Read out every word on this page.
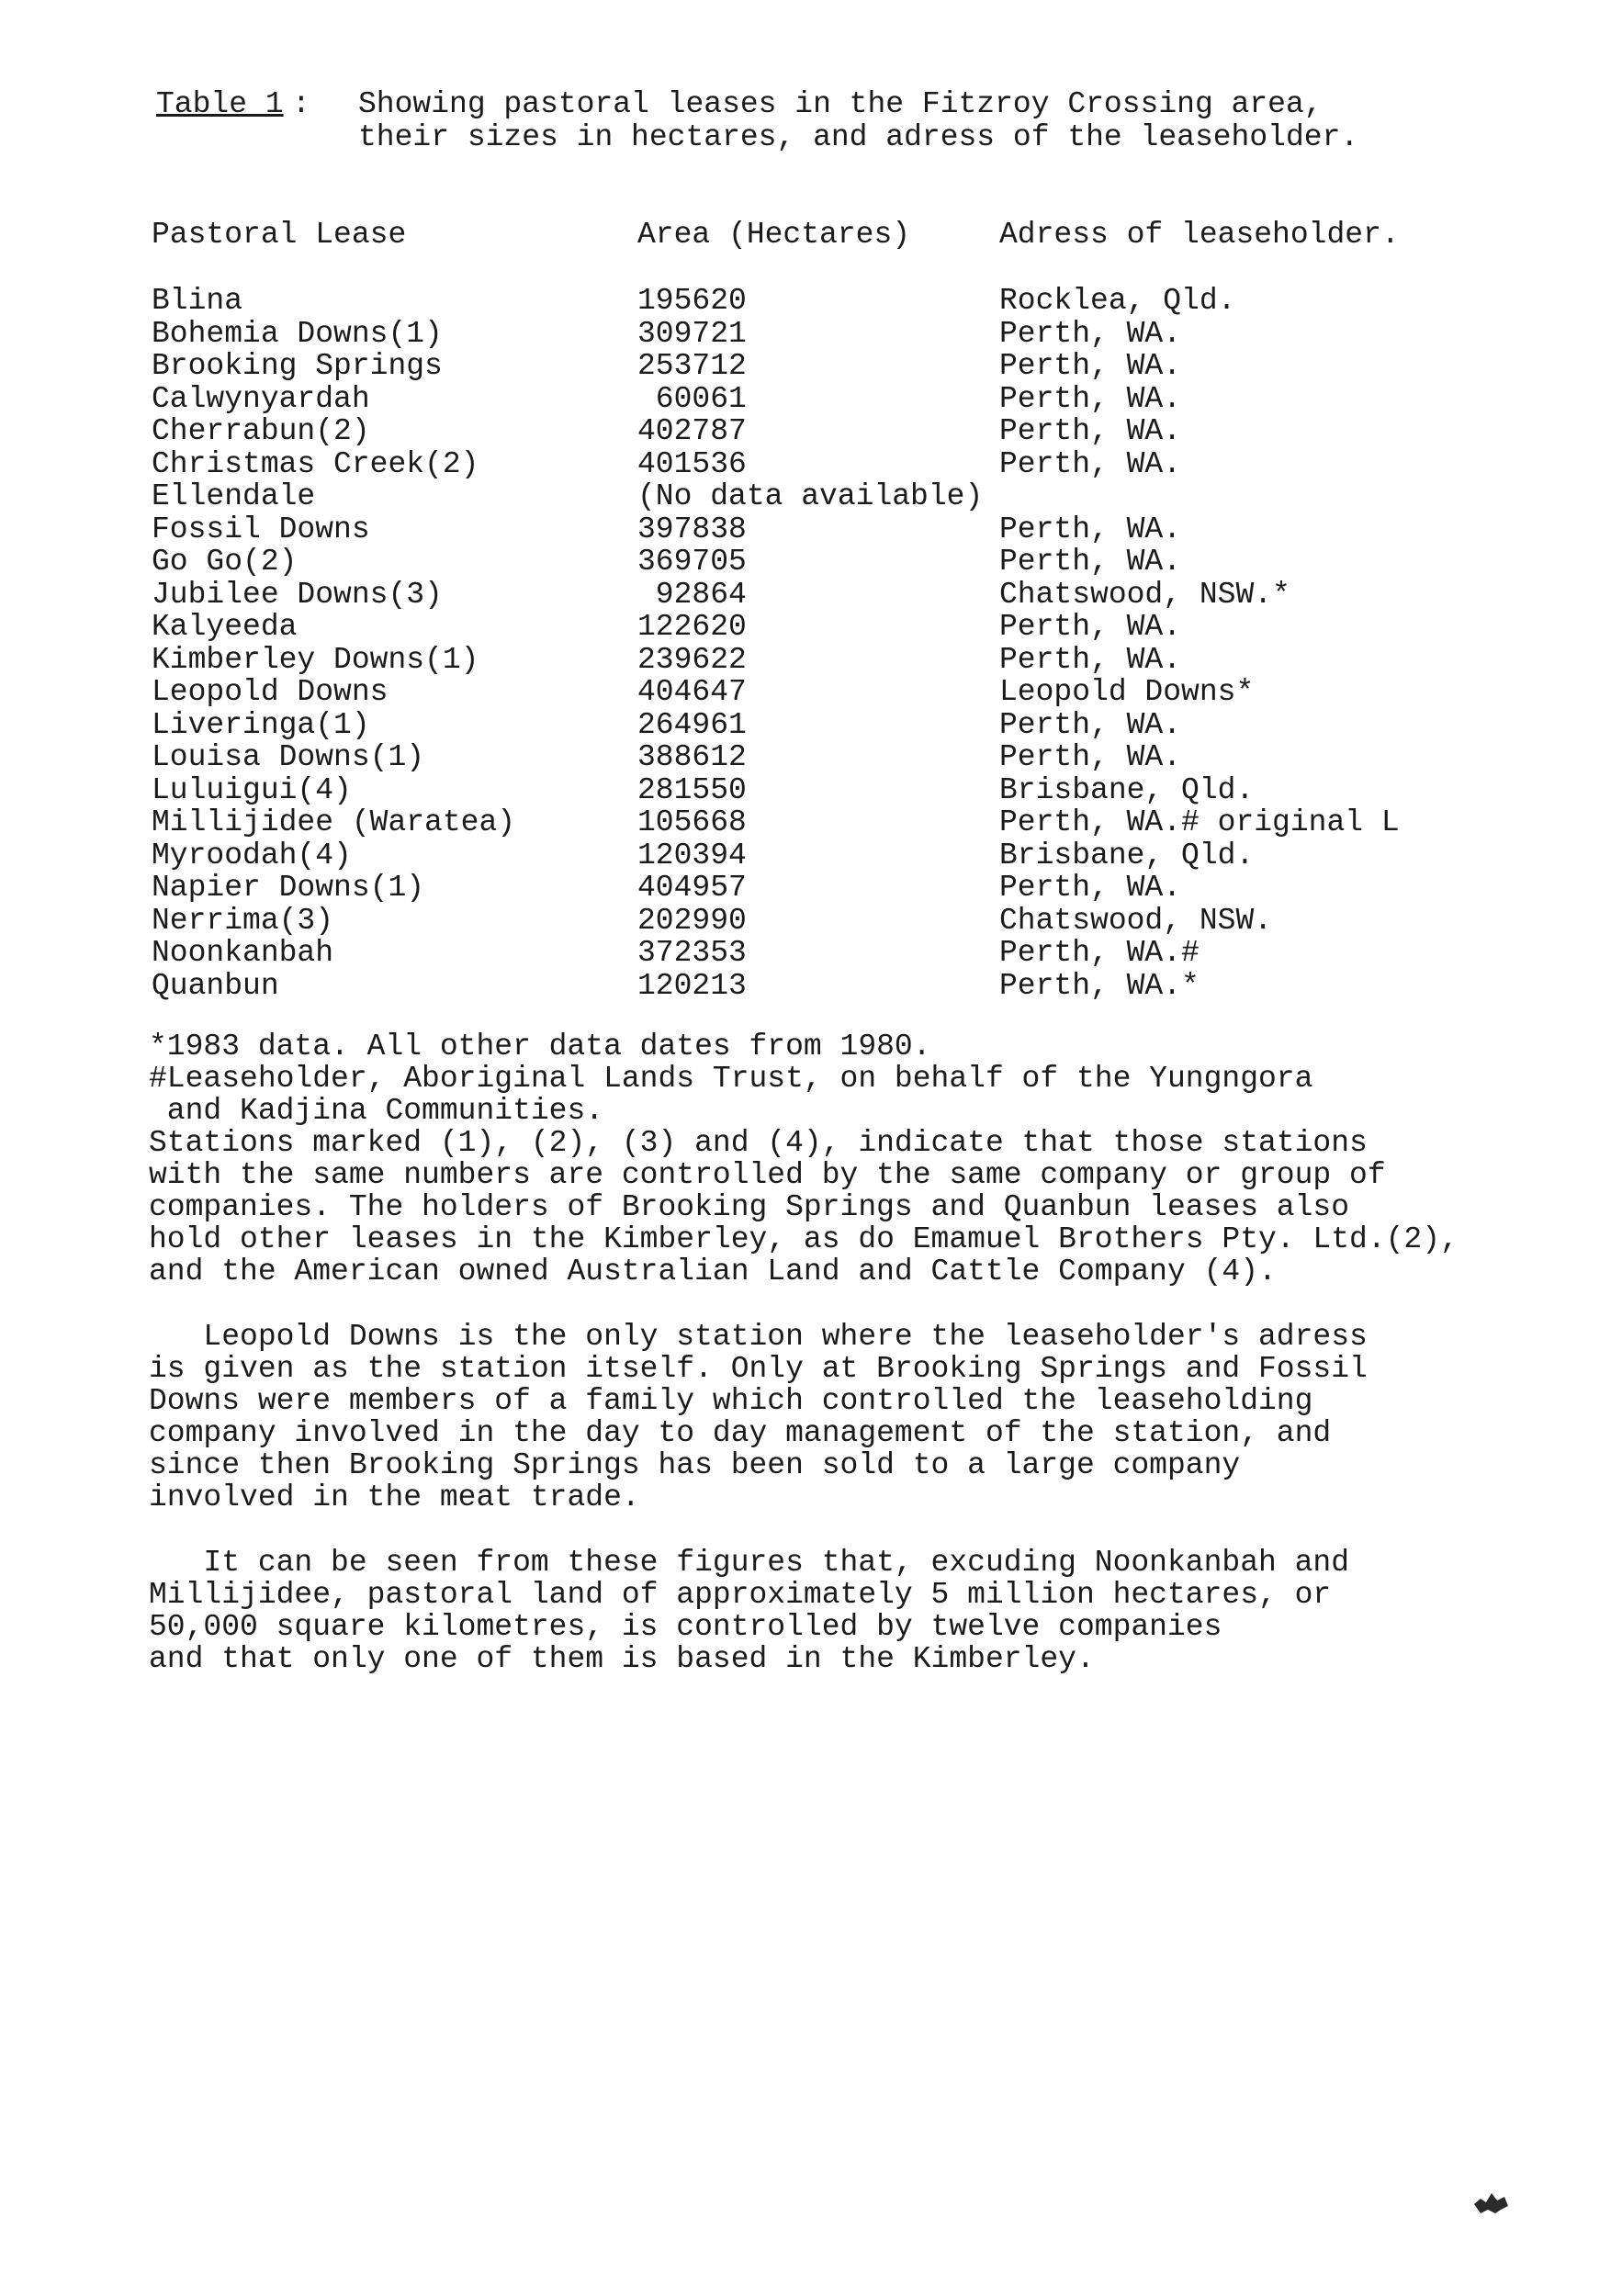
Table 1 : Showing pastoral leases in the Fitzroy Crossing area,
their sizes in hectares, and adress of the leaseholder.
Pastoral Lease	Area (Hectares)	Adress of leaseholder.
Blina	195620	Rocklea, Qld.
Bohemia Downs(1)	309721	Perth, WA.
Brooking Springs	253712	Perth, WA.
Calwynyardah	60061	Perth, WA.
Cherrabun(2)	402787	Perth, WA.
Christmas Creek(2)	401536	Perth, WA.
Ellendale	(No data available)
Fossil Downs	397838	Perth, WA.
Go Go(2)	369705	Perth, WA.
Jubilee Downs(3)	92864	Chatswood, NSW.*
Kalyeeda	122620	Perth, WA.
Kimberley Downs(1)	239622	Perth, WA.
Leopold Downs	404647	Leopold Downs*
Liveringa(1)	264961	Perth, WA.
Louisa Downs(1)	388612	Perth, WA.
Luluigui(4)	281550	Brisbane, Qld.
Millijidee (Waratea)	105668	Perth, WA.# original L
Myroodah(4)	120394	Brisbane, Qld.
Napier Downs(1)	404957	Perth, WA.
Nerrima(3)	202990	Chatswood, NSW.
Noonkanbah	372353	Perth, WA.#
Quanbun	120213	Perth, WA.*
*1983 data. All other data dates from 1980.
#Leaseholder, Aboriginal Lands Trust, on behalf of the Yungngora
and Kadjina Communities.
Stations marked (1), (2), (3) and (4), indicate that those stations
with the same numbers are controlled by the same company or group of
companies. The holders of Brooking Springs and Quanbun leases also
hold other leases in the Kimberley, as do Emamuel Brothers Pty. Ltd.(2),
and the American owned Australian Land and Cattle Company (4).
Leopold Downs is the only station where the leaseholder's adress
is given as the station itself. Only at Brooking Springs and Fossil
Downs were members of a family which controlled the leaseholding
company involved in the day to day management of the station, and
since then Brooking Springs has been sold to a large company
involved in the meat trade.
It can be seen from these figures that, excuding Noonkanbah and
Millijidee, pastoral land of approximately 5 million hectares, or
50,000 square kilometres, is controlled by twelve companies
and that only one of them is based in the Kimberley.
